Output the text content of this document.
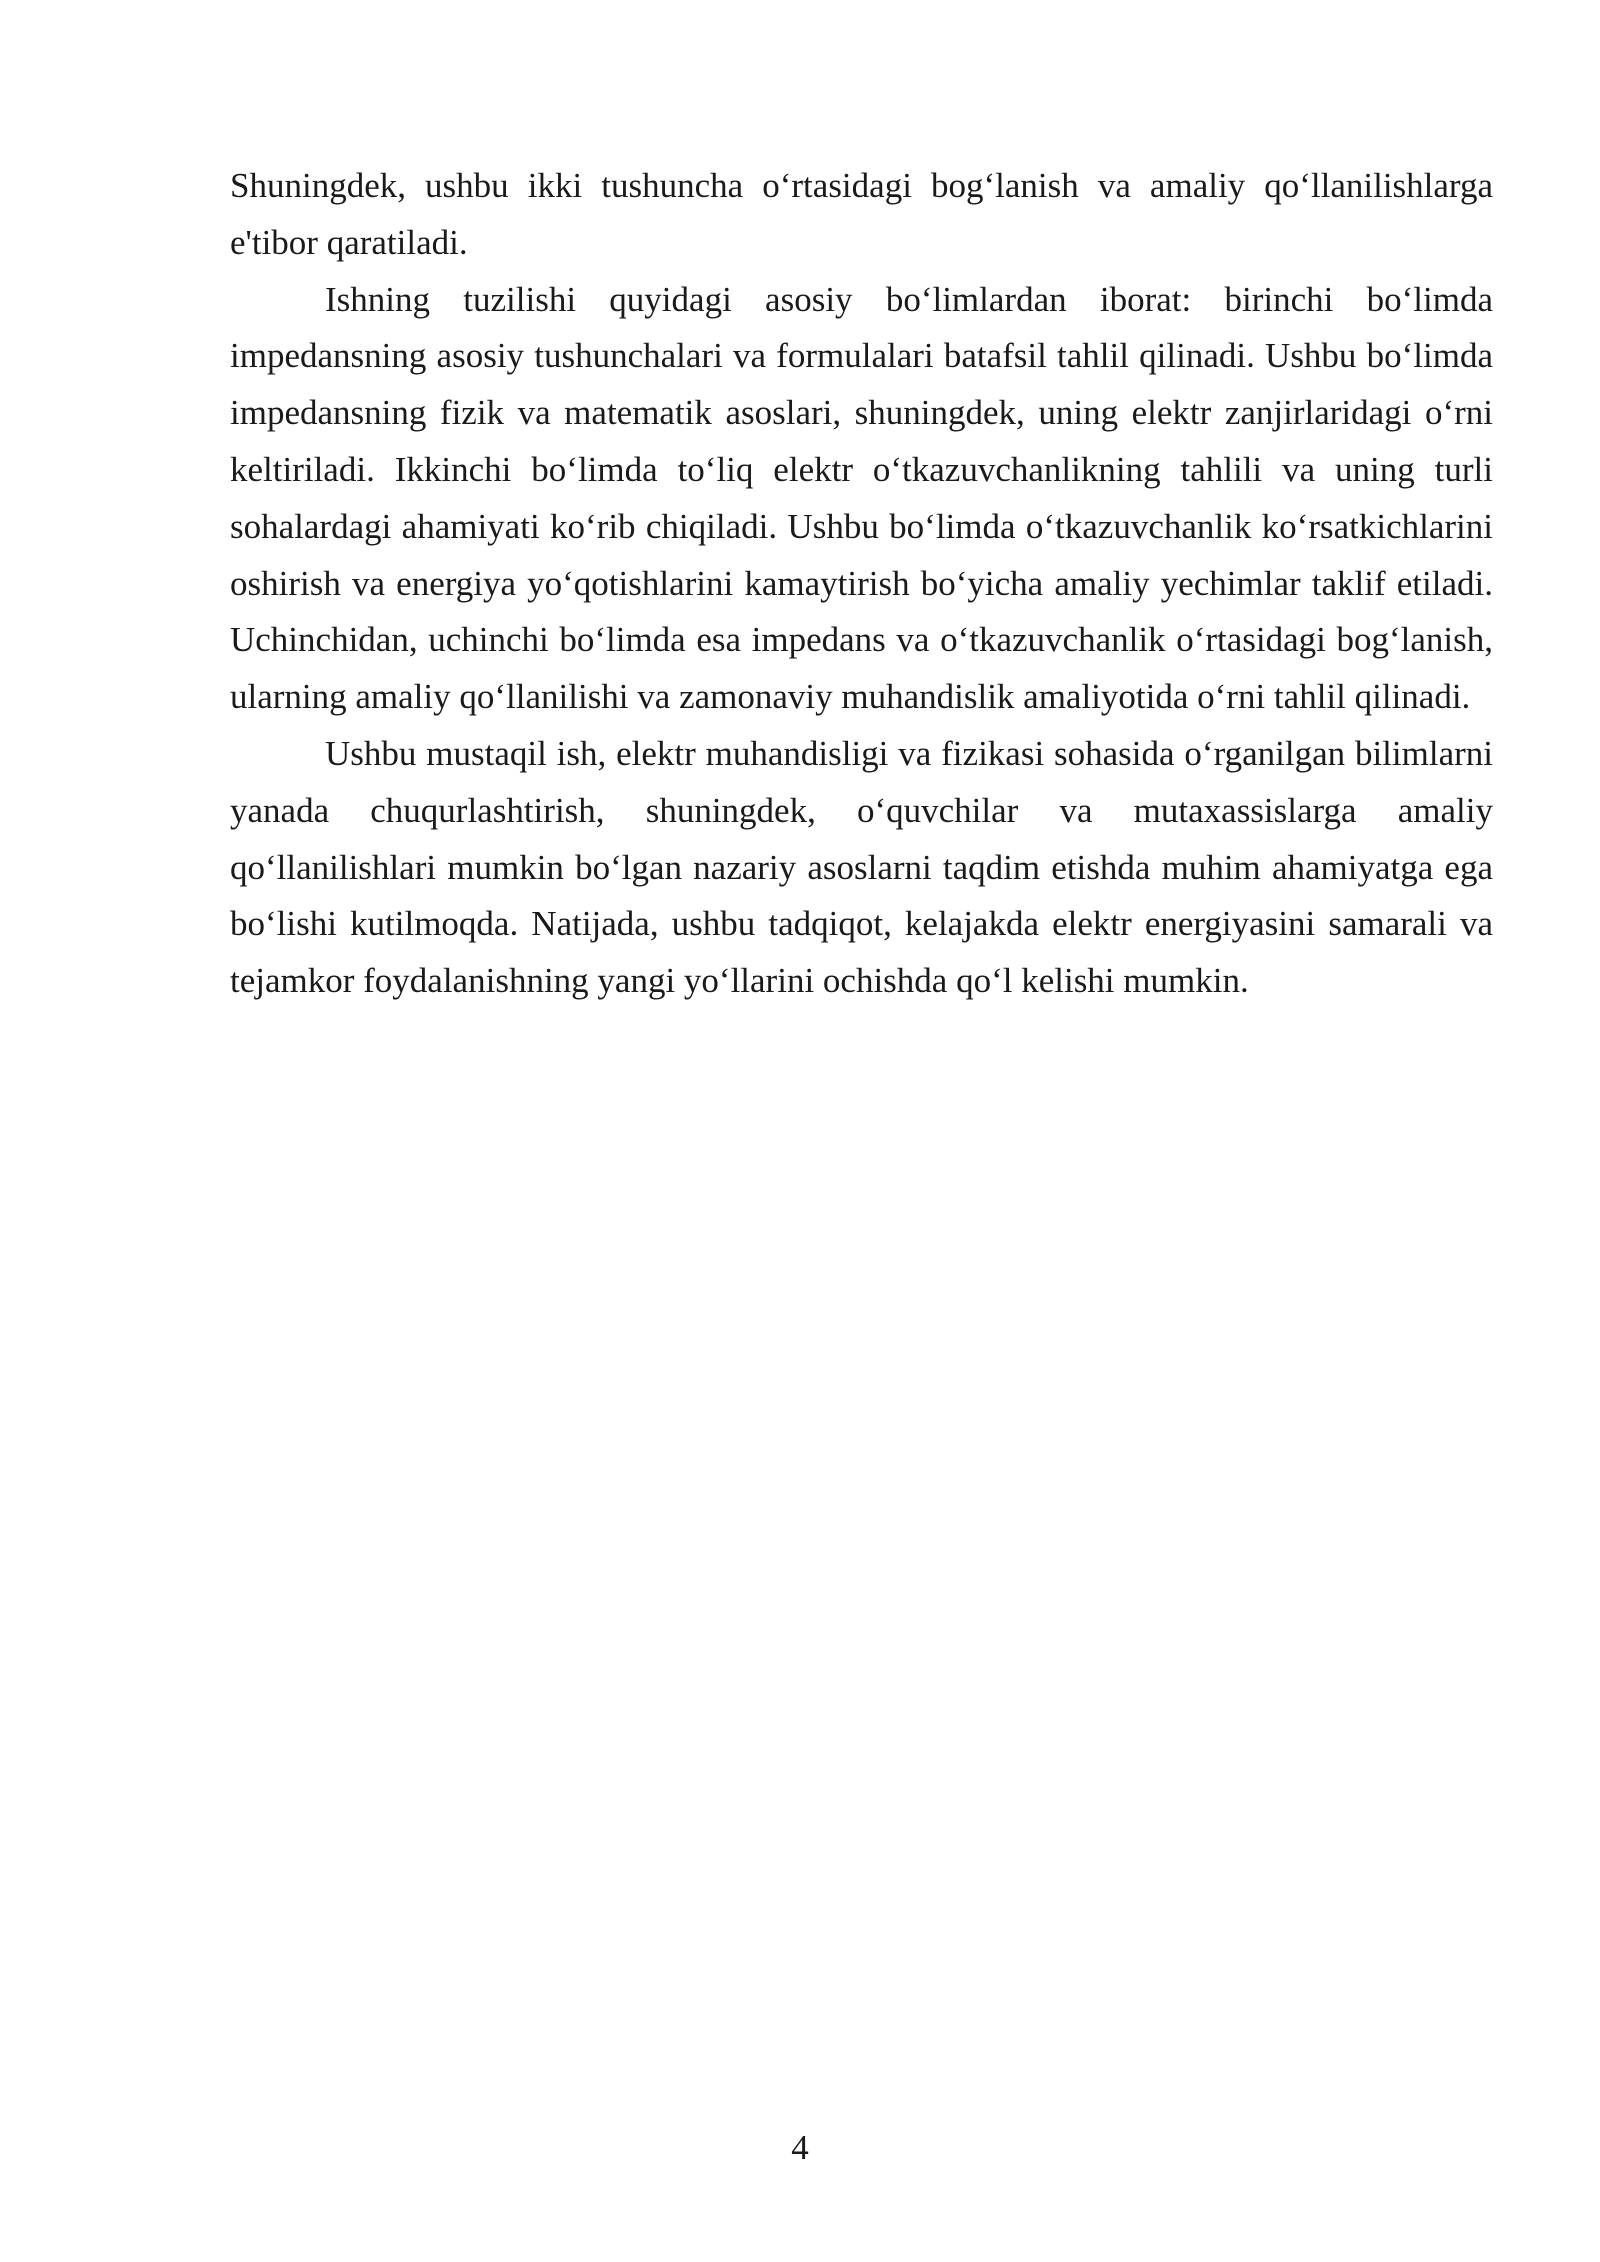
Shuningdek, ushbu ikki tushuncha o‘rtasidagi bog‘lanish va amaliy qo‘llanilishlarga e'tibor qaratiladi.

Ishning tuzilishi quyidagi asosiy bo‘limlardan iborat: birinchi bo‘limda impedansning asosiy tushunchalari va formulalari batafsil tahlil qilinadi. Ushbu bo‘limda impedansning fizik va matematik asoslari, shuningdek, uning elektr zanjirlaridagi o‘rni keltiriladi. Ikkinchi bo‘limda to‘liq elektr o‘tkazuvchanlikning tahlili va uning turli sohalardagi ahamiyati ko‘rib chiqiladi. Ushbu bo‘limda o‘tkazuvchanlik ko‘rsatkichlarini oshirish va energiya yo‘qotishlarini kamaytirish bo‘yicha amaliy yechimlar taklif etiladi. Uchinchidan, uchinchi bo‘limda esa impedans va o‘tkazuvchanlik o‘rtasidagi bog‘lanish, ularning amaliy qo‘llanilishi va zamonaviy muhandislik amaliyotida o‘rni tahlil qilinadi.

Ushbu mustaqil ish, elektr muhandisligi va fizikasi sohasida o‘rganilgan bilimlarni yanada chuqurlashtirish, shuningdek, o‘quvchilar va mutaxassislarga amaliy qo‘llanilishlari mumkin bo‘lgan nazariy asoslarni taqdim etishda muhim ahamiyatga ega bo‘lishi kutilmoqda. Natijada, ushbu tadqiqot, kelajakda elektr energiyasini samarali va tejamkor foydalanishning yangi yo‘llarini ochishda qo‘l kelishi mumkin.

4
